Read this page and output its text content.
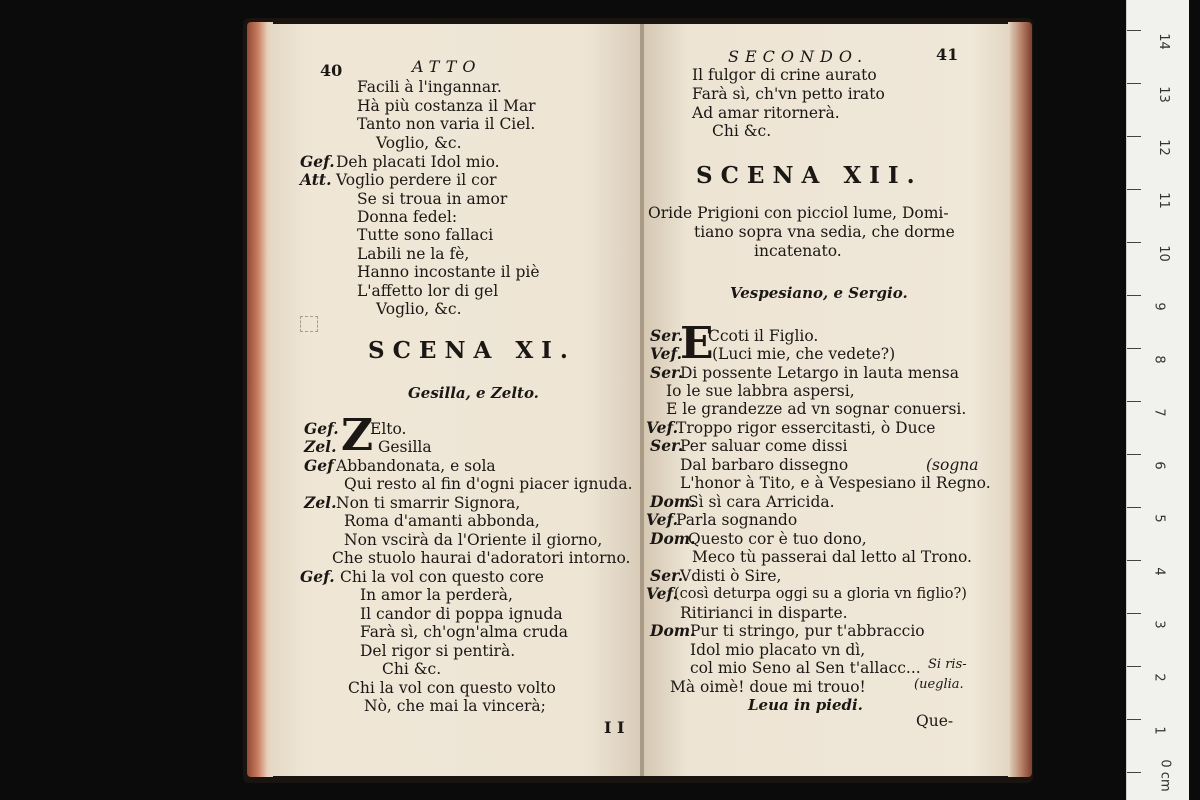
40	ATTO
Facili à l'ingannar.
Hà più costanza il Mar
Tanto non varia il Ciel.
Voglio, &c.
Gef. Deh placati Idol mio.
Att. Voglio perdere il cor
Se si troua in amor
Donna fedel:
Tutte sono fallaci
Labili ne la fè,
Hanno incostante il piè
L'affetto lor di gel
Voglio, &c.
SCENA XI.
Gesilla, e Zelto.
Z
Gef. Elto.
Zel.	Gesilla
Gef Abbandonata, e sola
Qui resto al fin d'ogni piacer ignuda.
Zel. Non ti smarrir Signora,
Roma d'amanti abbonda,
Non vscirà da l'Oriente il giorno,
Che stuolo haurai d'adoratori intorno.
Gef. Chi la vol con questo core
In amor la perderà,
Il candor di poppa ignuda
Farà sì, ch'ogn'alma cruda
Del rigor si pentirà.
Chi &c.
Chi la vol con questo volto
Nò, che mai la vincerà;
I I
SECONDO.	41
Il fulgor di crine aurato
Farà sì, ch'vn petto irato
Ad amar ritornerà.
Chi &c.
SCENA XII.
Oride Prigioni con picciol lume, Domi-
tiano sopra vna sedia, che dorme
incatenato.
Vespesiano, e Sergio.
E
Ser. Ccoti il Figlio.
Vef. (Luci mie, che vedete?)
Ser.
Di possente Letargo in lauta mensa
Io le sue labbra aspersi,
E le grandezze ad vn sognar conuersi.
Vef.
Troppo rigor essercitasti, ò Duce
Ser.
Per saluar come dissi
Dal barbaro dissegno
L'honor à Tito, e à Vespesiano il Regno.
Dom.
Sì sì cara Arricida.
Vef.
Parla sognando
Dom.
Questo cor è tuo dono,
Meco tù passerai dal letto al Trono.
Ser.
Vdisti ò Sire,
Vef.
(così deturpa oggi su a gloria vn figlio?)
Ritirianci in disparte.
Dom.
Pur ti stringo, pur t'abbraccio
Idol mio placato vn dì,
col mio Seno al Sen t'allacc...
Mà oimè! doue mi trouo!
(sogna
Si ris-
(ueglia.
Leua in piedi.
Que-
14
13
12
11
10
9
8
7
6
5
4
3
2
1
0 cm
